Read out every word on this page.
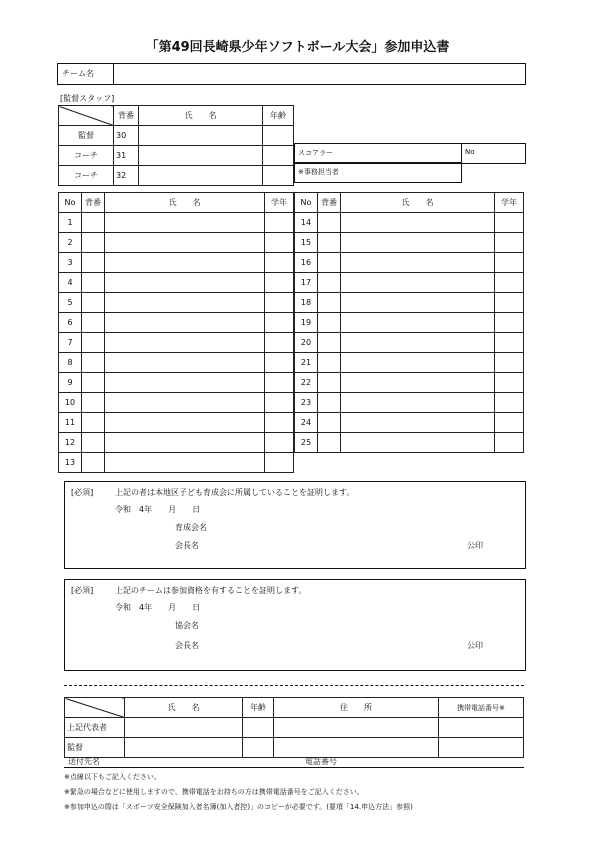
「第49回長崎県少年ソフトボール大会」参加申込書
チーム名
[監督スタッフ]
	背番	氏　　名	年齢
監督	30		
コーチ	31		
コーチ	32		
スコアラー	No
※事務担当者
No	背番	氏　　名	学年
1			
2			
3			
4			
5			
6			
7			
8			
9			
10			
11			
12			
13			
No	背番	氏　　名	学年
14			
15			
16			
17			
18			
19			
20			
21			
22			
23			
24			
25			
[必須]	上記の者は本地区子ども育成会に所属していることを証明します。
令和　4年　　月　　日
育成会名
会長名	公印
[必須]	上記のチームは参加資格を有することを証明します。
令和　4年　　月　　日
協会名
会長名	公印
	氏　　名	年齢	住　　所	携帯電話番号※
上記代表者				
監督				
送付先名	電話番号
※点線以下もご記入ください。
※緊急の場合などに使用しますので、携帯電話をお持ちの方は携帯電話番号をご記入ください。
※参加申込の際は「スポーツ安全保険加入者名簿(加入者控)」のコピーが必要です。(要項「14.申込方法」参照)
